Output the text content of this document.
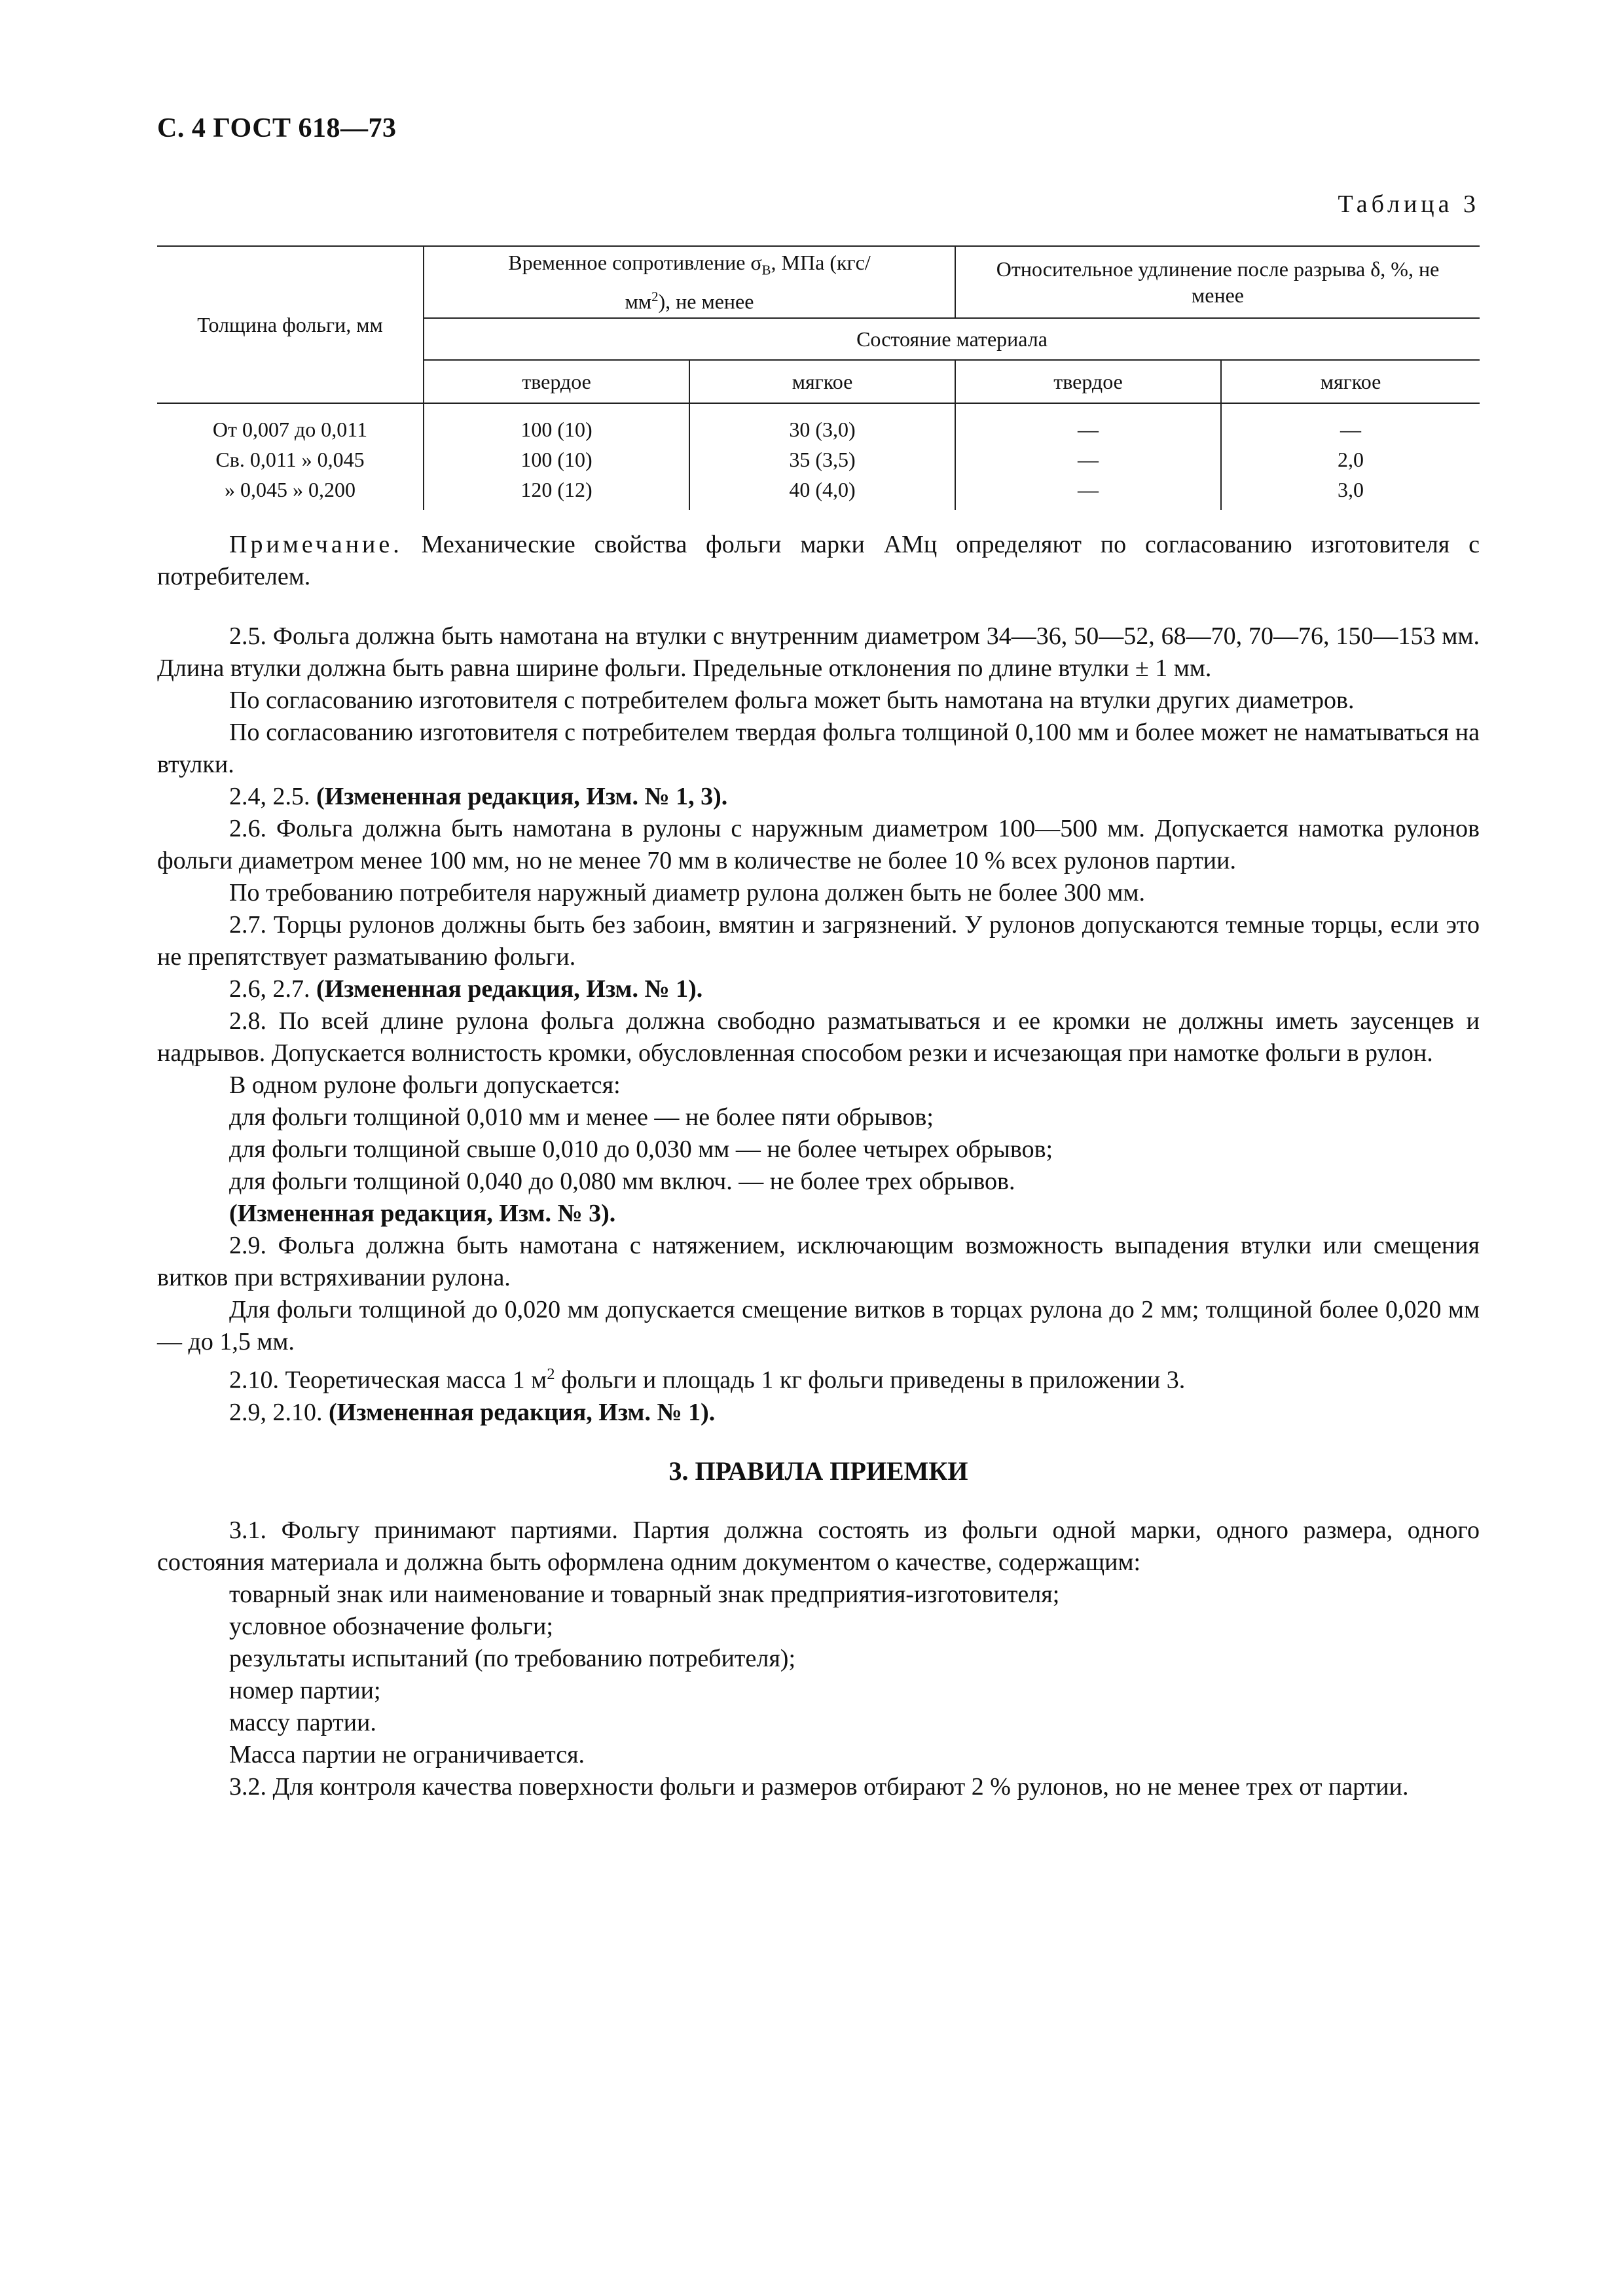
С. 4 ГОСТ 618—73
Таблица 3
Толщина фольги, мм	Временное сопротивление $\sigma_В$, МПа $(кгс/мм^2)$, не менее		Относительное удлинение после разрыва δ, %, не менее	

	Состояние материала			
	твердое	мягкое	твердое	мягкое
От 0,007 до 0,011	100 (10)	30 (3,0)	—	—
Св. 0,011 » 0,045	100 (10)	35 (3,5)	—	2,0
» 0,045 » 0,200	120 (12)	40 (4,0)	—	3,0

Примечание. Механические свойства фольги марки АМц определяют по согласованию изготовителя с потребителем.

2.5. Фольга должна быть намотана на втулки с внутренним диаметром 34—36, 50—52, 68—70, 70—76, 150—153 мм. Длина втулки должна быть равна ширине фольги. Предельные отклонения по длине втулки ± 1 мм.

По согласованию изготовителя с потребителем фольга может быть намотана на втулки других диаметров.

По согласованию изготовителя с потребителем твердая фольга толщиной 0,100 мм и более может не наматываться на втулки.

2.4, 2.5. (Измененная редакция, Изм. № 1, 3).

2.6. Фольга должна быть намотана в рулоны с наружным диаметром 100—500 мм. Допускается намотка рулонов фольги диаметром менее 100 мм, но не менее 70 мм в количестве не более 10 % всех рулонов партии.

По требованию потребителя наружный диаметр рулона должен быть не более 300 мм.

2.7. Торцы рулонов должны быть без забоин, вмятин и загрязнений. У рулонов допускаются темные торцы, если это не препятствует разматыванию фольги.

2.6, 2.7. (Измененная редакция, Изм. № 1).

2.8. По всей длине рулона фольга должна свободно разматываться и ее кромки не должны иметь заусенцев и надрывов. Допускается волнистость кромки, обусловленная способом резки и исчезающая при намотке фольги в рулон.

В одном рулоне фольги допускается:

для фольги толщиной 0,010 мм и менее — не более пяти обрывов;

для фольги толщиной свыше 0,010 до 0,030 мм — не более четырех обрывов;

для фольги толщиной 0,040 до 0,080 мм включ. — не более трех обрывов.

(Измененная редакция, Изм. № 3).

2.9. Фольга должна быть намотана с натяжением, исключающим возможность выпадения втулки или смещения витков при встряхивании рулона.

Для фольги толщиной до 0,020 мм допускается смещение витков в торцах рулона до 2 мм; толщиной более 0,020 мм — до 1,5 мм.

2.10. Теоретическая масса 1 $м^2$ фольги и площадь 1 кг фольги приведены в приложении 3.

2.9, 2.10. (Измененная редакция, Изм. № 1).

3. ПРАВИЛА ПРИЕМКИ

3.1. Фольгу принимают партиями. Партия должна состоять из фольги одной марки, одного размера, одного состояния материала и должна быть оформлена одним документом о качестве, содержащим:

товарный знак или наименование и товарный знак предприятия-изготовителя;

условное обозначение фольги;

результаты испытаний (по требованию потребителя);

номер партии;

массу партии.

Масса партии не ограничивается.

3.2. Для контроля качества поверхности фольги и размеров отбирают 2 % рулонов, но не менее трех от партии.
